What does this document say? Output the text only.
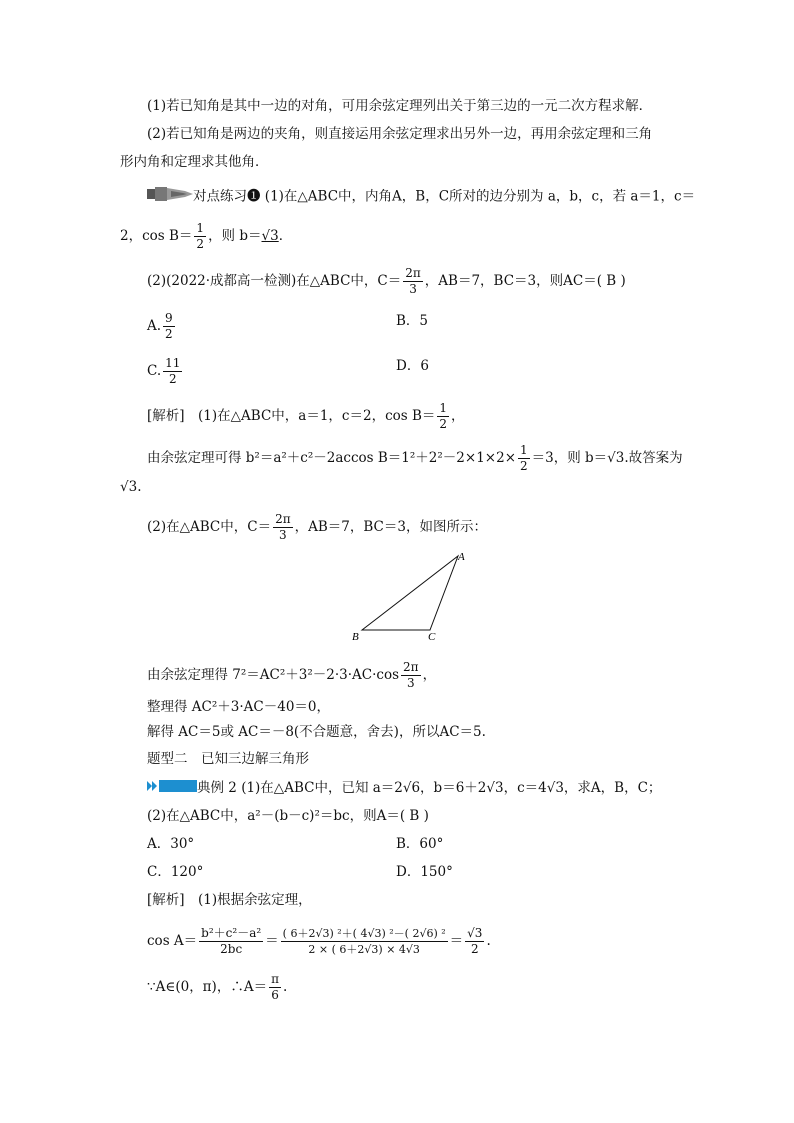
(1)若已知角是其中一边的对角，可用余弦定理列出关于第三边的一元二次方程求解．
(2)若已知角是两边的夹角，则直接运用余弦定理求出另外一边，再用余弦定理和三角
形内角和定理求其他角．
对点练习❶ (1)在△ABC中，内角A，B，C所对的边分别为 a，b，c，若 a＝1，c＝
2，$\cos B= \frac{1}{2}$ ，则 b＝√3．
(2)(2022·成都高一检测)在△ABC中，$C= \frac{2\pi}{3}$ ，AB＝7，BC＝3，则AC＝( B )
A. $\frac{9}{2}$	B．5
C. $\frac{11}{2}$	D．6
[解析]　(1)在△ABC中，a＝1，c＝2，$\cos B= \frac{1}{2}$ ，
由余弦定理可得 b²＝a²＋c²－2accos $B=1^2+2^2-2\times 1\times 2\times \frac{1}{2} =3$，则 b＝√3.故答案为
√3.
(2)在△ABC中，$C= \frac{2\pi}{3}$ ，AB＝7，BC＝3，如图所示：
A
B	C
由余弦定理得 $7^2=AC^2+3^2-2\cdot 3\cdot AC\cdot\cos \frac{2\pi}{3}$ ，
整理得 AC²＋3·AC－40＝0，
解得 AC＝5或 AC＝－8(不合题意，舍去)，所以AC＝5.
题型二　已知三边解三角形
典例 2 (1)在△ABC中，已知 a＝2√6，b＝6＋2√3，c＝4√3，求A，B，C；
(2)在△ABC中，a²－(b－c)²＝bc，则A＝( B )
A．30°	B．60°
C．120°	D．150°
[解析]　(1)根据余弦定理，
$\cos A= \frac{\text{b²＋c²－a²}}{2bc} = \frac{\text{( 6＋2√3) ²＋( 4√3) ²－( 2√6) ²}}{2 \times ( 6+2√3) \times 4√3} = \frac{√3}{2}$ .
∵A∈(0，π)，∴A＝ $\frac{\pi}{6}$ .
